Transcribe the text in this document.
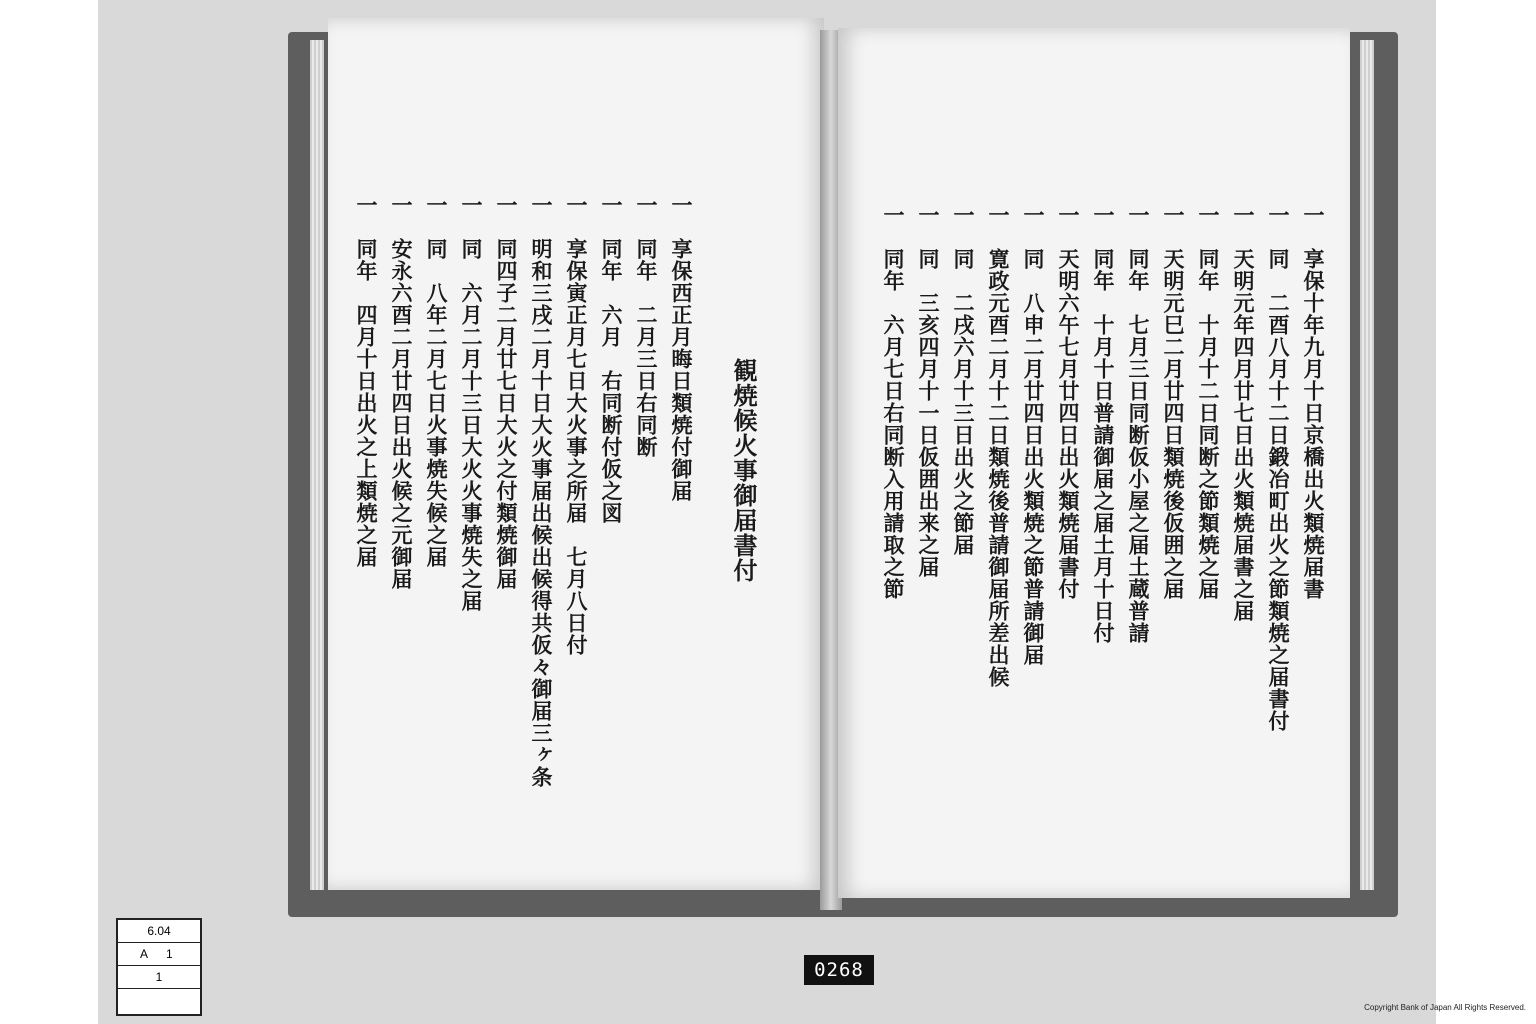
観焼候火事御届書付
一　享保西正月晦日類焼付御届
一　同年　二月三日右同断
一　同年　六月　右同断付仮之図
一　享保寅正月七日大火事之所届　七月八日付
一　明和三戌二月十日大火事届出候出候得共仮々御届三ヶ条
一　同四子二月廿七日大火之付類焼御届
一　同　六月二月十三日大火火事焼失之届
一　同　八年二月七日火事焼失候之届
一　安永六酉二月廿四日出火候之元御届
一　同年　四月十日出火之上類焼之届	一　享保十年九月十日京橋出火類焼届書
一　同　二酉八月十二日鍛冶町出火之節類焼之届書付
一　天明元年四月廿七日出火類焼届書之届
一　同年　十月十二日同断之節類焼之届
一　天明元巳二月廿四日類焼後仮囲之届
一　同年　七月三日同断仮小屋之届土蔵普請
一　同年　十月十日普請御届之届土月十日付
一　天明六午七月廿四日出火類焼届書付
一　同　八申二月廿四日出火類焼之節普請御届
一　寛政元酉二月十二日類焼後普請御届所差出候
一　同　二戌六月十三日出火之節届
一　同　三亥四月十一日仮囲出来之届
一　同年　六月七日右同断入用請取之節
6.04
A 1
1	0268
Copyright Bank of Japan All Rights Reserved.
